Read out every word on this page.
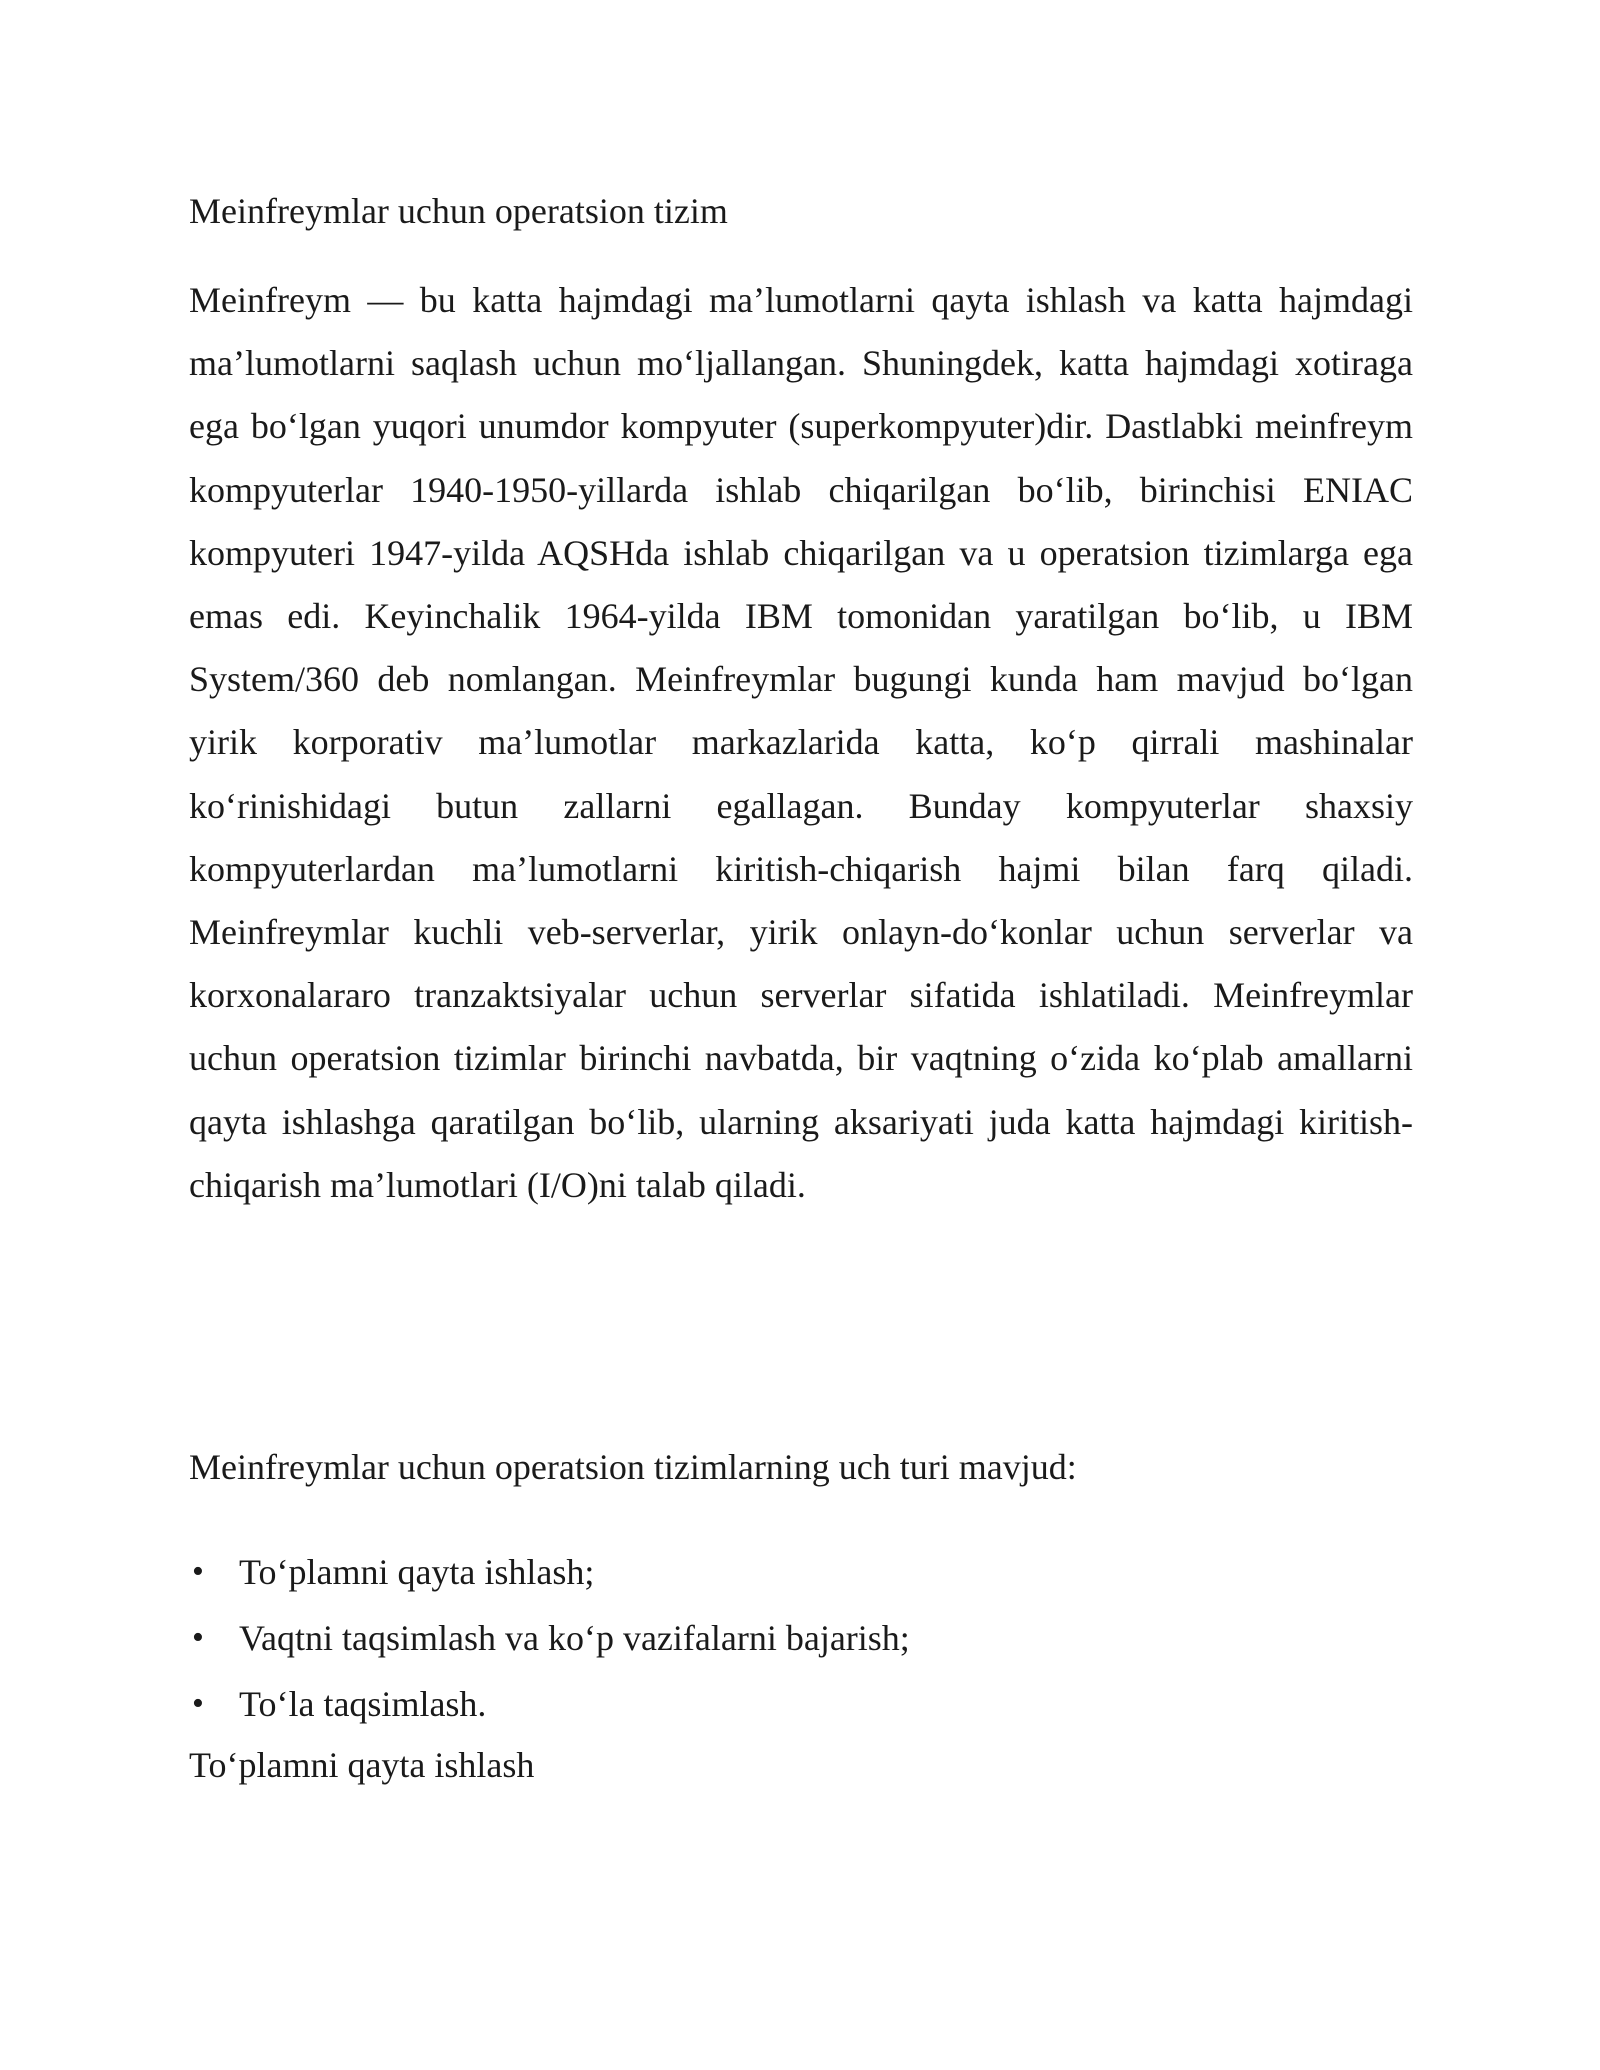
Meinfreymlar uchun operatsion tizim

Meinfreym — bu katta hajmdagi ma’lumotlarni qayta ishlash va katta hajmdagi ma’lumotlarni saqlash uchun mo‘ljallangan. Shuningdek, katta hajmdagi xotiraga ega bo‘lgan yuqori unumdor kompyuter (superkompyuter)dir. Dastlabki meinfreym kompyuterlar 1940-1950-yillarda ishlab chiqarilgan bo‘lib, birinchisi ENIAC kompyuteri 1947-yilda AQSHda ishlab chiqarilgan va u operatsion tizimlarga ega emas edi. Keyinchalik 1964-yilda IBM tomonidan yaratilgan bo‘lib, u IBM System/360 deb nomlangan. Meinfreymlar bugungi kunda ham mavjud bo‘lgan yirik korporativ ma’lumotlar markazlarida katta, ko‘p qirrali mashinalar ko‘rinishidagi butun zallarni egallagan. Bunday kompyuterlar shaxsiy kompyuterlardan ma’lumotlarni kiritish-chiqarish hajmi bilan farq qiladi. Meinfreymlar kuchli veb-serverlar, yirik onlayn-do‘konlar uchun serverlar va korxonalararo tranzaktsiyalar uchun serverlar sifatida ishlatiladi. Meinfreymlar uchun operatsion tizimlar birinchi navbatda, bir vaqtning o‘zida ko‘plab amallarni qayta ishlashga qaratilgan bo‘lib, ularning aksariyati juda katta hajmdagi kiritish-chiqarish ma’lumotlari (I/O)ni talab qiladi.

Meinfreymlar uchun operatsion tizimlarning uch turi mavjud:

• To‘plamni qayta ishlash;
• Vaqtni taqsimlash va ko‘p vazifalarni bajarish;
• To‘la taqsimlash.

To‘plamni qayta ishlash
